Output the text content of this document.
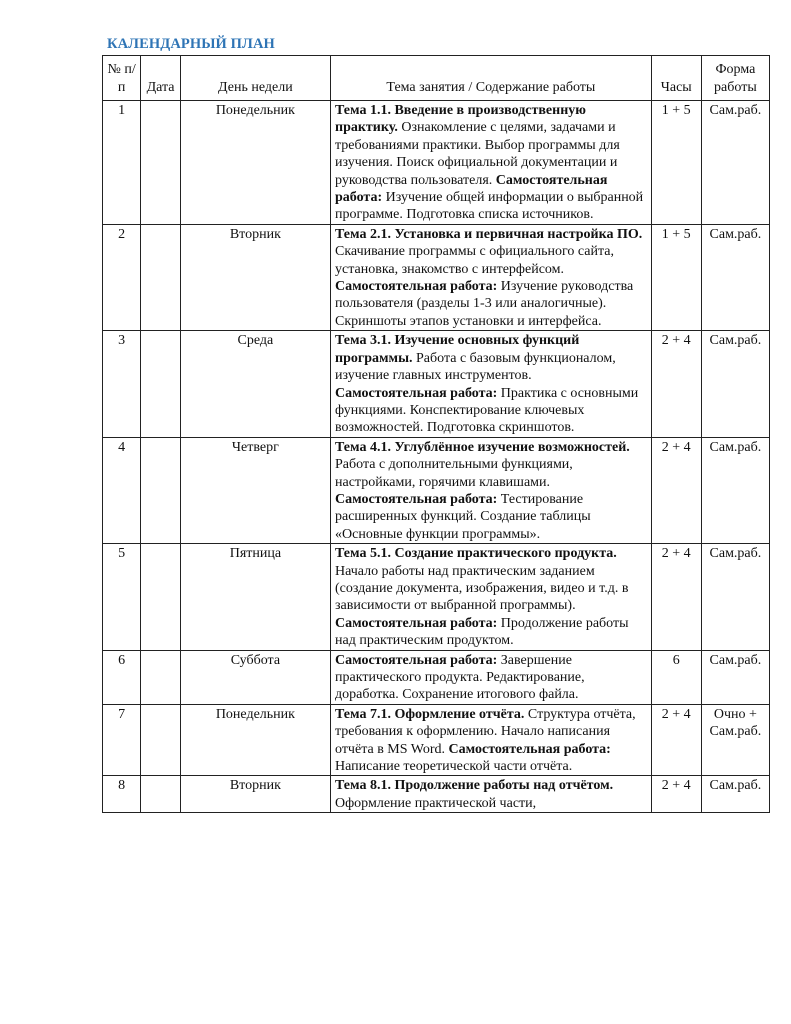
КАЛЕНДАРНЫЙ ПЛАН
№ п/п	Дата	День недели	Тема занятия / Содержание работы	Часы	Форма работы
1		Понедельник	Тема 1.1. Введение в производственную практику. Ознакомление с целями, задачами и требованиями практики. Выбор программы для изучения. Поиск официальной документации и руководства пользователя. Самостоятельная работа: Изучение общей информации о выбранной программе. Подготовка списка источников.	1 + 5	Сам.раб.
2		Вторник	Тема 2.1. Установка и первичная настройка ПО. Скачивание программы с официального сайта, установка, знакомство с интерфейсом. Самостоятельная работа: Изучение руководства пользователя (разделы 1-3 или аналогичные). Скриншоты этапов установки и интерфейса.	1 + 5	Сам.раб.
3		Среда	Тема 3.1. Изучение основных функций программы. Работа с базовым функционалом, изучение главных инструментов. Самостоятельная работа: Практика с основными функциями. Конспектирование ключевых возможностей. Подготовка скриншотов.	2 + 4	Сам.раб.
4		Четверг	Тема 4.1. Углублённое изучение возможностей. Работа с дополнительными функциями, настройками, горячими клавишами. Самостоятельная работа: Тестирование расширенных функций. Создание таблицы «Основные функции программы».	2 + 4	Сам.раб.
5		Пятница	Тема 5.1. Создание практического продукта. Начало работы над практическим заданием (создание документа, изображения, видео и т.д. в зависимости от выбранной программы). Самостоятельная работа: Продолжение работы над практическим продуктом.	2 + 4	Сам.раб.
6		Суббота	Самостоятельная работа: Завершение практического продукта. Редактирование, доработка. Сохранение итогового файла.	6	Сам.раб.
7		Понедельник	Тема 7.1. Оформление отчёта. Структура отчёта, требования к оформлению. Начало написания отчёта в MS Word. Самостоятельная работа: Написание теоретической части отчёта.	2 + 4	Очно + Сам.раб.
8		Вторник	Тема 8.1. Продолжение работы над отчётом. Оформление практической части,	2 + 4	Сам.раб.
